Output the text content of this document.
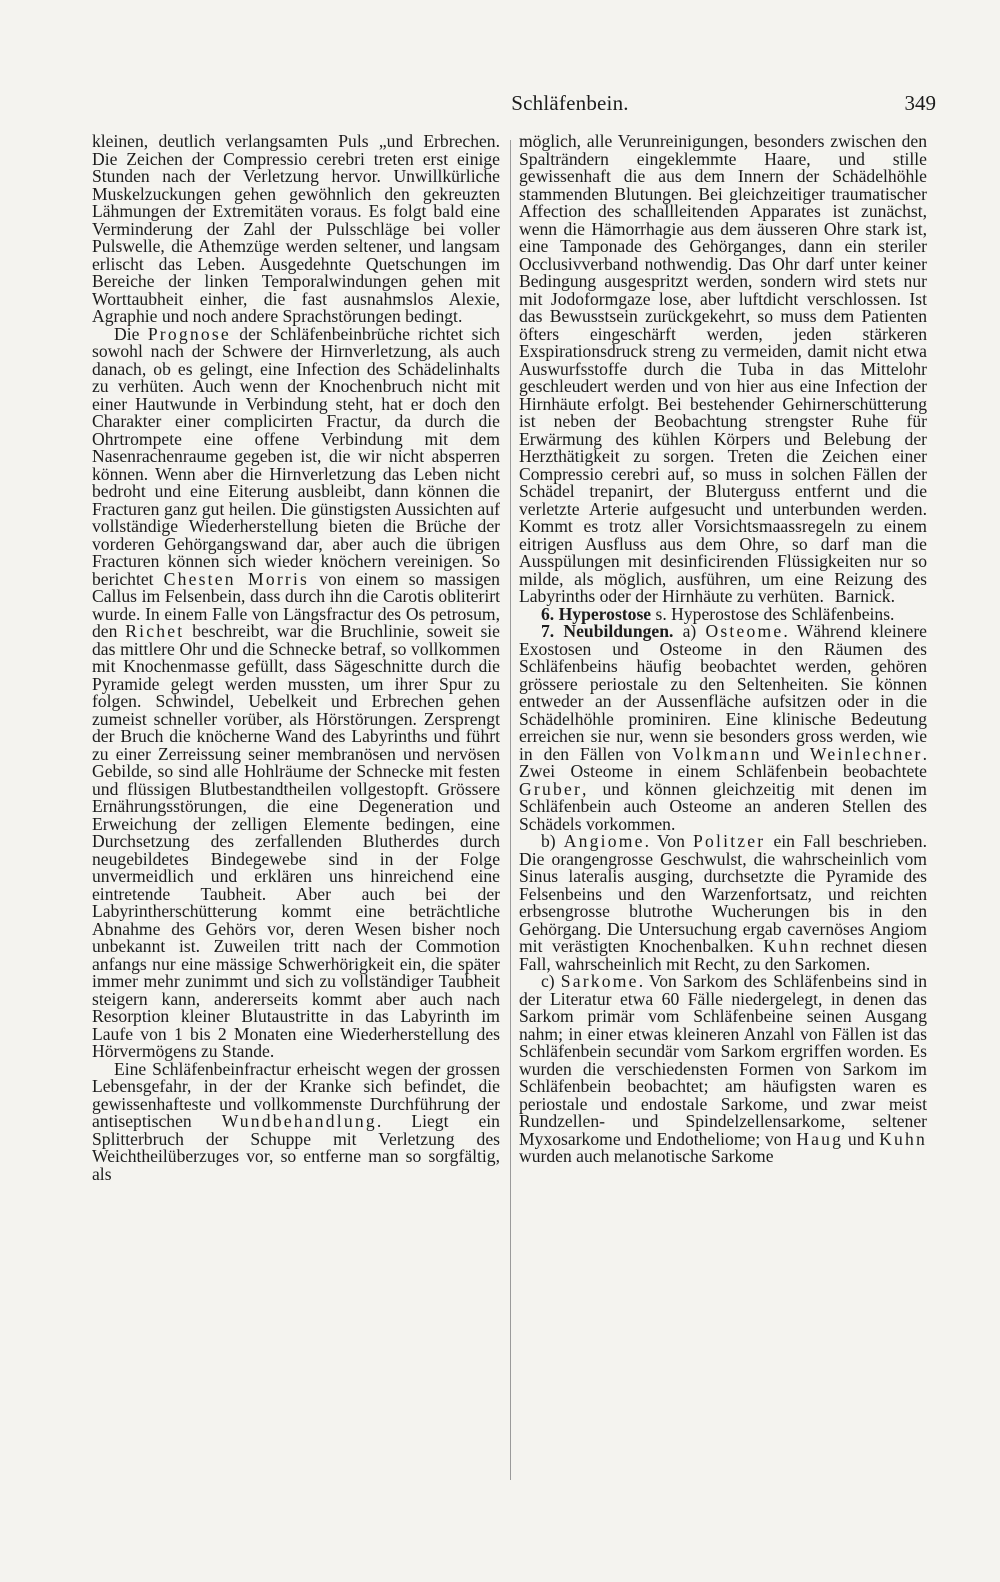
Schläfenbein.	349

kleinen, deutlich verlangsamten Puls „und Erbrechen. Die Zeichen der Compressio cerebri treten erst einige Stunden nach der Verletzung hervor. Unwillkürliche Muskelzuckungen gehen gewöhnlich den gekreuzten Lähmungen der Extremitäten voraus. Es folgt bald eine Verminderung der Zahl der Pulsschläge bei voller Pulswelle, die Athemzüge werden seltener, und langsam erlischt das Leben. Ausgedehnte Quetschungen im Bereiche der linken Temporalwindungen gehen mit Worttaubheit einher, die fast ausnahmslos Alexie, Agraphie und noch andere Sprachstörungen bedingt.

Die Prognose der Schläfenbeinbrüche richtet sich sowohl nach der Schwere der Hirnverletzung, als auch danach, ob es gelingt, eine Infection des Schädelinhalts zu verhüten. Auch wenn der Knochenbruch nicht mit einer Hautwunde in Verbindung steht, hat er doch den Charakter einer complicirten Fractur, da durch die Ohrtrompete eine offene Verbindung mit dem Nasenrachenraume gegeben ist, die wir nicht absperren können. Wenn aber die Hirnverletzung das Leben nicht bedroht und eine Eiterung ausbleibt, dann können die Fracturen ganz gut heilen. Die günstigsten Aussichten auf vollständige Wiederherstellung bieten die Brüche der vorderen Gehörgangswand dar, aber auch die übrigen Fracturen können sich wieder knöchern vereinigen. So berichtet Chesten Morris von einem so massigen Callus im Felsenbein, dass durch ihn die Carotis obliterirt wurde. In einem Falle von Längsfractur des Os petrosum, den Richet beschreibt, war die Bruchlinie, soweit sie das mittlere Ohr und die Schnecke betraf, so vollkommen mit Knochenmasse gefüllt, dass Sägeschnitte durch die Pyramide gelegt werden mussten, um ihrer Spur zu folgen. Schwindel, Uebelkeit und Erbrechen gehen zumeist schneller vorüber, als Hörstörungen. Zersprengt der Bruch die knöcherne Wand des Labyrinths und führt zu einer Zerreissung seiner membranösen und nervösen Gebilde, so sind alle Hohlräume der Schnecke mit festen und flüssigen Blutbestandtheilen vollgestopft. Grössere Ernährungsstörungen, die eine Degeneration und Erweichung der zelligen Elemente bedingen, eine Durchsetzung des zerfallenden Blutherdes durch neugebildetes Bindegewebe sind in der Folge unvermeidlich und erklären uns hinreichend eine eintretende Taubheit. Aber auch bei der Labyrintherschütterung kommt eine beträchtliche Abnahme des Gehörs vor, deren Wesen bisher noch unbekannt ist. Zuweilen tritt nach der Commotion anfangs nur eine mässige Schwerhörigkeit ein, die später immer mehr zunimmt und sich zu vollständiger Taubheit steigern kann, andererseits kommt aber auch nach Resorption kleiner Blutaustritte in das Labyrinth im Laufe von 1 bis 2 Monaten eine Wiederherstellung des Hörvermögens zu Stande.

Eine Schläfenbeinfractur erheischt wegen der grossen Lebensgefahr, in der der Kranke sich befindet, die gewissenhafteste und vollkommenste Durchführung der antiseptischen Wundbehandlung. Liegt ein Splitterbruch der Schuppe mit Verletzung des Weichtheilüberzuges vor, so entferne man so sorgfältig, als

möglich, alle Verunreinigungen, besonders zwischen den Spalträndern eingeklemmte Haare, und stille gewissenhaft die aus dem Innern der Schädelhöhle stammenden Blutungen. Bei gleichzeitiger traumatischer Affection des schallleitenden Apparates ist zunächst, wenn die Hämorrhagie aus dem äusseren Ohre stark ist, eine Tamponade des Gehörganges, dann ein steriler Occlusivverband nothwendig. Das Ohr darf unter keiner Bedingung ausgespritzt werden, sondern wird stets nur mit Jodoformgaze lose, aber luftdicht verschlossen. Ist das Bewusstsein zurückgekehrt, so muss dem Patienten öfters eingeschärft werden, jeden stärkeren Exspirationsdruck streng zu vermeiden, damit nicht etwa Auswurfsstoffe durch die Tuba in das Mittelohr geschleudert werden und von hier aus eine Infection der Hirnhäute erfolgt. Bei bestehender Gehirnerschütterung ist neben der Beobachtung strengster Ruhe für Erwärmung des kühlen Körpers und Belebung der Herzthätigkeit zu sorgen. Treten die Zeichen einer Compressio cerebri auf, so muss in solchen Fällen der Schädel trepanirt, der Bluterguss entfernt und die verletzte Arterie aufgesucht und unterbunden werden. Kommt es trotz aller Vorsichtsmaassregeln zu einem eitrigen Ausfluss aus dem Ohre, so darf man die Ausspülungen mit desinficirenden Flüssigkeiten nur so milde, als möglich, ausführen, um eine Reizung des Labyrinths oder der Hirnhäute zu verhüten. Barnick.

6. Hyperostose s. Hyperostose des Schläfenbeins.

7. Neubildungen. a) Osteome. Während kleinere Exostosen und Osteome in den Räumen des Schläfenbeins häufig beobachtet werden, gehören grössere periostale zu den Seltenheiten. Sie können entweder an der Aussenfläche aufsitzen oder in die Schädelhöhle prominiren. Eine klinische Bedeutung erreichen sie nur, wenn sie besonders gross werden, wie in den Fällen von Volkmann und Weinlechner. Zwei Osteome in einem Schläfenbein beobachtete Gruber, und können gleichzeitig mit denen im Schläfenbein auch Osteome an anderen Stellen des Schädels vorkommen.

b) Angiome. Von Politzer ein Fall beschrieben. Die orangengrosse Geschwulst, die wahrscheinlich vom Sinus lateralis ausging, durchsetzte die Pyramide des Felsenbeins und den Warzenfortsatz, und reichten erbsengrosse blutrothe Wucherungen bis in den Gehörgang. Die Untersuchung ergab cavernöses Angiom mit verästigten Knochenbalken. Kuhn rechnet diesen Fall, wahrscheinlich mit Recht, zu den Sarkomen.

c) Sarkome. Von Sarkom des Schläfenbeins sind in der Literatur etwa 60 Fälle niedergelegt, in denen das Sarkom primär vom Schläfenbeine seinen Ausgang nahm; in einer etwas kleineren Anzahl von Fällen ist das Schläfenbein secundär vom Sarkom ergriffen worden. Es wurden die verschiedensten Formen von Sarkom im Schläfenbein beobachtet; am häufigsten waren es periostale und endostale Sarkome, und zwar meist Rundzellen- und Spindelzellensarkome, seltener Myxosarkome und Endotheliome; von Haug und Kuhn wurden auch melanotische Sarkome
